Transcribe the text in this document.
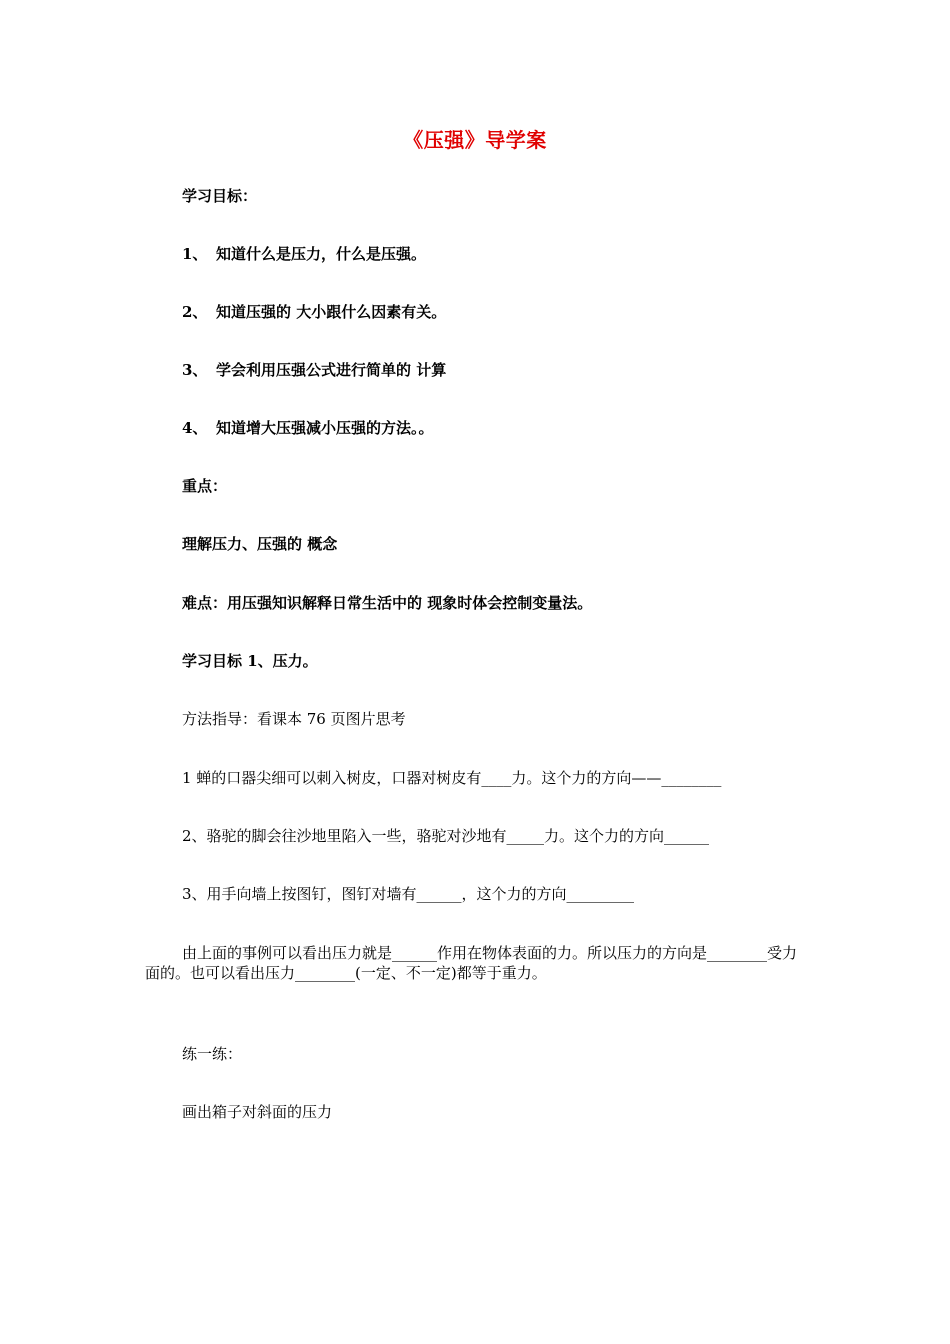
《压强》导学案
学习目标：
1、 知道什么是压力，什么是压强。
2、 知道压强的 大小跟什么因素有关。
3、 学会利用压强公式进行简单的 计算
4、 知道增大压强减小压强的方法。。
重点：
理解压力、压强的 概念
难点：用压强知识解释日常生活中的 现象时体会控制变量法。
学习目标 1、压力。
方法指导：看课本 76 页图片思考
1 蝉的口器尖细可以刺入树皮，口器对树皮有____力。这个力的方向——________
2、骆驼的脚会往沙地里陷入一些，骆驼对沙地有_____力。这个力的方向______
3、用手向墙上按图钉，图钉对墙有______，这个力的方向_________

由上面的事例可以看出压力就是______作用在物体表面的力。所以压力的方向是________受力面的。也可以看出压力________(一定、不一定)都等于重力。

练一练：
画出箱子对斜面的压力
